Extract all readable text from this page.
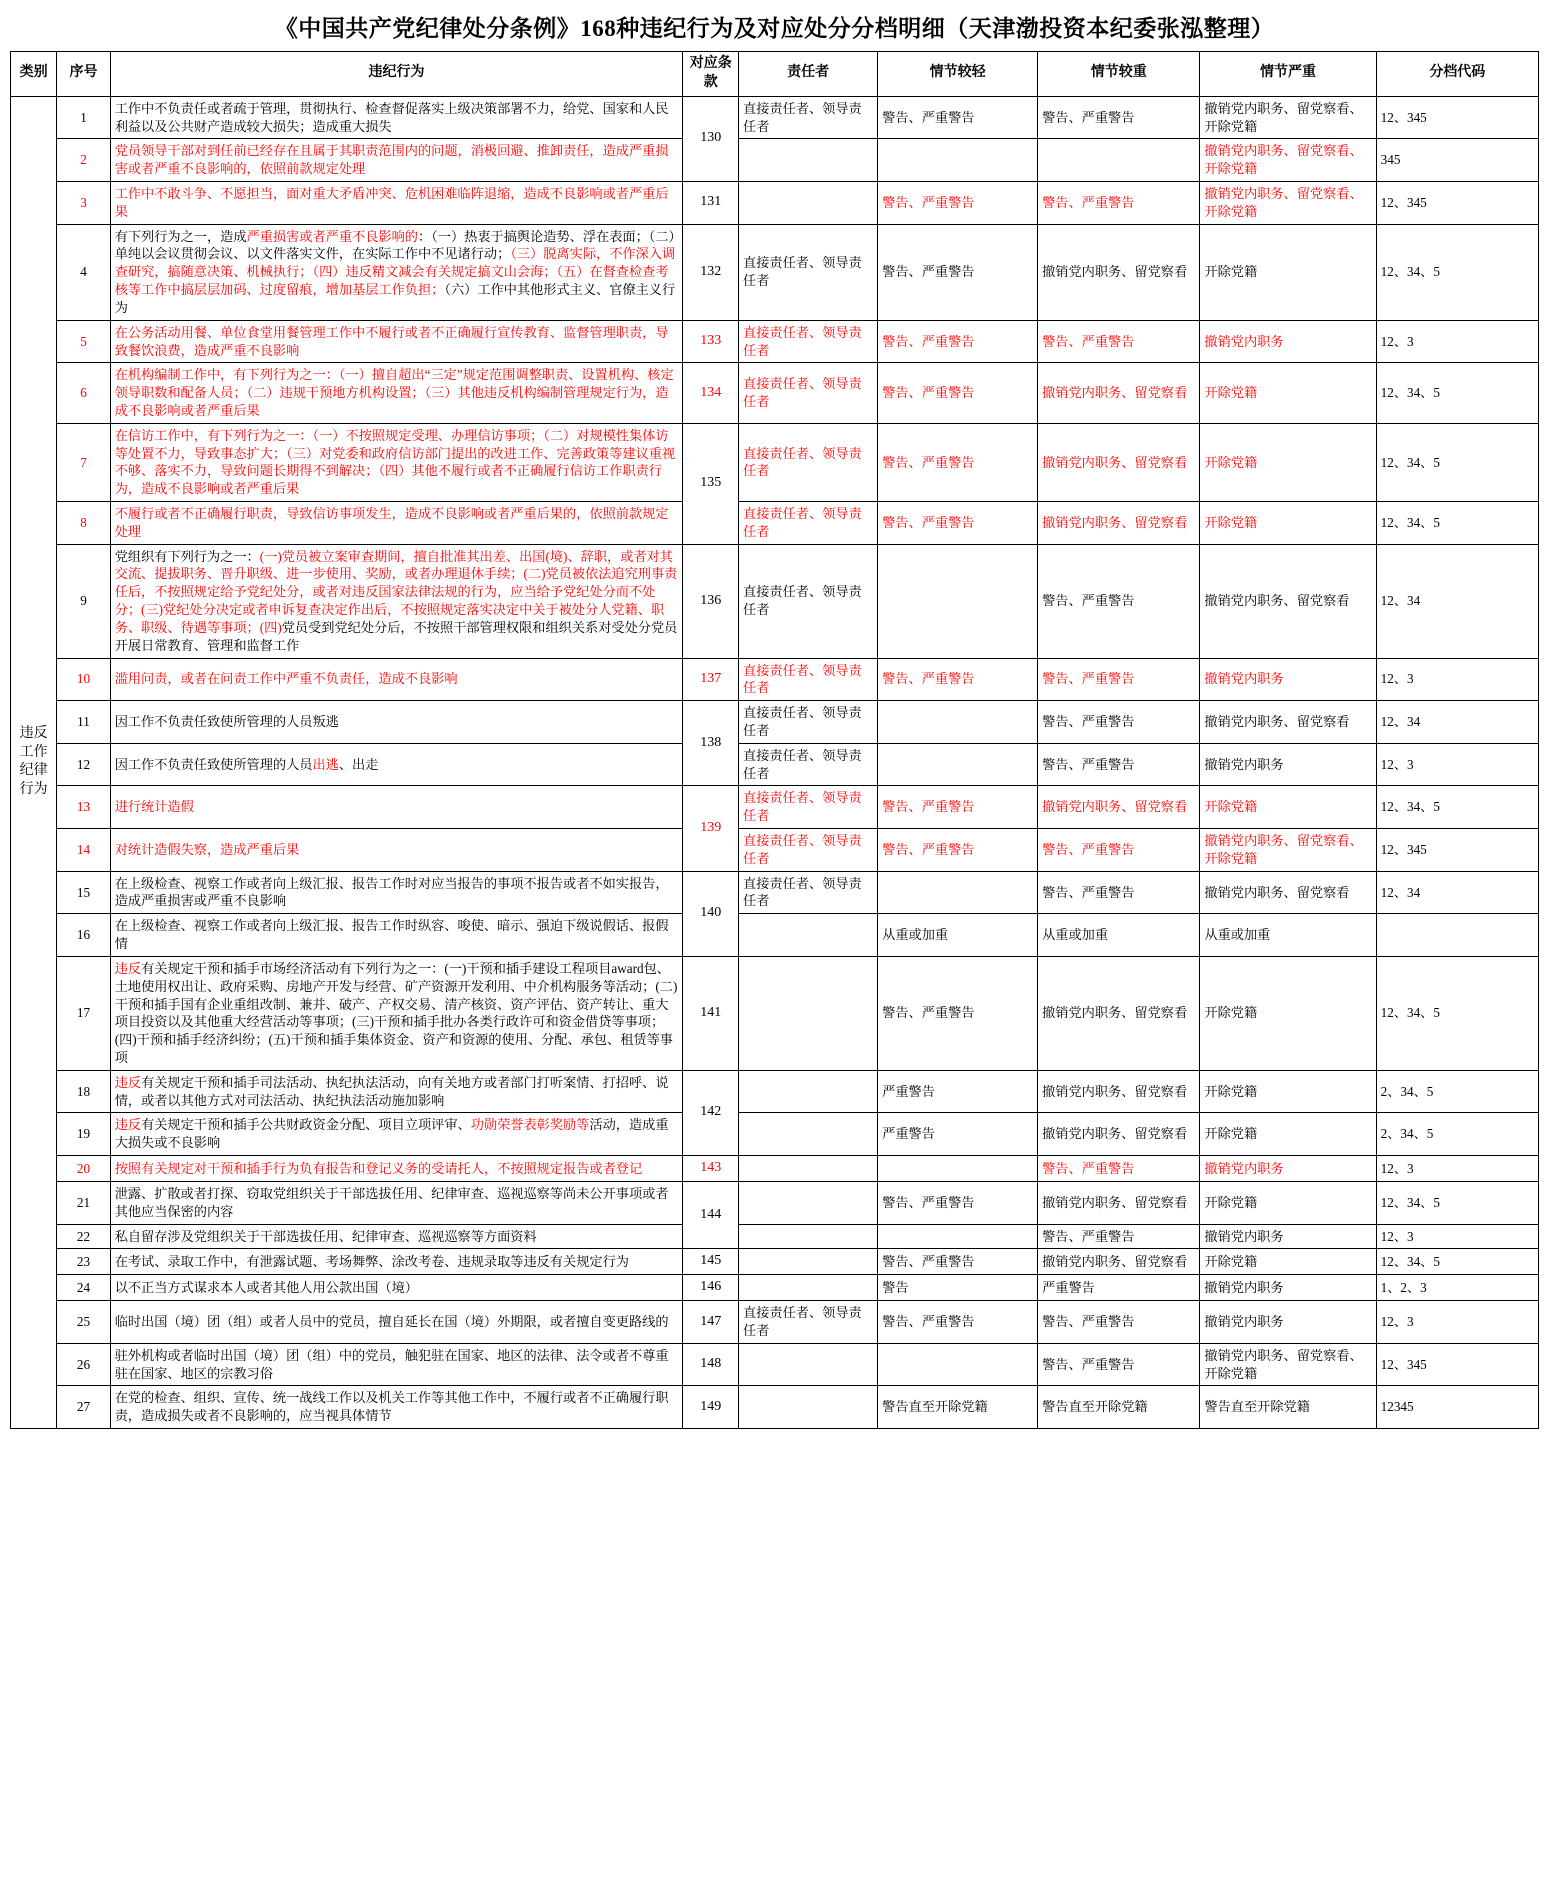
《中国共产党纪律处分条例》168种违纪行为及对应处分分档明细（天津渤投资本纪委张泓整理）
类别	序号	违纪行为	对应条款	责任者	情节较轻	情节较重	情节严重	分档代码
违反工作纪律行为	1	工作中不负责任或者疏于管理，贯彻执行、检查督促落实上级决策部署不力，给党、国家和人民利益以及公共财产造成较大损失；造成重大损失	130	直接责任者、领导责任者	警告、严重警告	警告、严重警告	撤销党内职务、留党察看、开除党籍	12、345
	2	党员领导干部对到任前已经存在且属于其职责范围内的问题，消极回避、推卸责任，造成严重损害或者严重不良影响的，依照前款规定处理					撤销党内职务、留党察看、开除党籍	345
	3	工作中不敢斗争、不愿担当，面对重大矛盾冲突、危机困难临阵退缩，造成不良影响或者严重后果	131		警告、严重警告	警告、严重警告	撤销党内职务、留党察看、开除党籍	12、345
	4	有下列行为之一，造成严重损害或者严重不良影响的：（一）热衷于搞舆论造势、浮在表面；（二）单纯以会议贯彻会议、以文件落实文件，在实际工作中不见诸行动；（三）脱离实际，不作深入调查研究，搞随意决策、机械执行；（四）违反精文减会有关规定搞文山会海；（五）在督查检查考核等工作中搞层层加码、过度留痕，增加基层工作负担；（六）工作中其他形式主义、官僚主义行为	132	直接责任者、领导责任者	警告、严重警告	撤销党内职务、留党察看	开除党籍	12、34、5
	5	在公务活动用餐、单位食堂用餐管理工作中不履行或者不正确履行宣传教育、监督管理职责，导致餐饮浪费，造成严重不良影响	133	直接责任者、领导责任者	警告、严重警告	警告、严重警告	撤销党内职务	12、3
	6	在机构编制工作中，有下列行为之一：（一）擅自超出“三定”规定范围调整职责、设置机构、核定领导职数和配备人员；（二）违规干预地方机构设置；（三）其他违反机构编制管理规定行为，造成不良影响或者严重后果	134	直接责任者、领导责任者	警告、严重警告	撤销党内职务、留党察看	开除党籍	12、34、5
	7	在信访工作中，有下列行为之一：（一）不按照规定受理、办理信访事项；（二）对规模性集体访等处置不力，导致事态扩大；（三）对党委和政府信访部门提出的改进工作、完善政策等建议重视不够、落实不力，导致问题长期得不到解决；（四）其他不履行或者不正确履行信访工作职责行为，造成不良影响或者严重后果	135	直接责任者、领导责任者	警告、严重警告	撤销党内职务、留党察看	开除党籍	12、34、5
	8	不履行或者不正确履行职责，导致信访事项发生，造成不良影响或者严重后果的，依照前款规定处理		直接责任者、领导责任者	警告、严重警告	撤销党内职务、留党察看	开除党籍	12、34、5
	9	党组织有下列行为之一：(一)党员被立案审查期间，擅自批准其出差、出国(境)、辞职，或者对其交流、提拔职务、晋升职级、进一步使用、奖励，或者办理退休手续；(二)党员被依法追究刑事责任后，不按照规定给予党纪处分，或者对违反国家法律法规的行为，应当给予党纪处分而不处分；(三)党纪处分决定或者申诉复查决定作出后，不按照规定落实决定中关于被处分人党籍、职务、职级、待遇等事项；(四)党员受到党纪处分后，不按照干部管理权限和组织关系对受处分党员开展日常教育、管理和监督工作	136	直接责任者、领导责任者		警告、严重警告	撤销党内职务、留党察看	12、34
	10	滥用问责，或者在问责工作中严重不负责任，造成不良影响	137	直接责任者、领导责任者	警告、严重警告	警告、严重警告	撤销党内职务	12、3
	11	因工作不负责任致使所管理的人员叛逃	138	直接责任者、领导责任者		警告、严重警告	撤销党内职务、留党察看	12、34
	12	因工作不负责任致使所管理的人员出逃、出走		直接责任者、领导责任者		警告、严重警告	撤销党内职务	12、3
	13	进行统计造假	139	直接责任者、领导责任者	警告、严重警告	撤销党内职务、留党察看	开除党籍	12、34、5
	14	对统计造假失察，造成严重后果		直接责任者、领导责任者	警告、严重警告	警告、严重警告	撤销党内职务、留党察看、开除党籍	12、345
	15	在上级检查、视察工作或者向上级汇报、报告工作时对应当报告的事项不报告或者不如实报告，造成严重损害或严重不良影响	140	直接责任者、领导责任者		警告、严重警告	撤销党内职务、留党察看	12、34
	16	在上级检查、视察工作或者向上级汇报、报告工作时纵容、唆使、暗示、强迫下级说假话、报假情			从重或加重	从重或加重	从重或加重	
	17	违反有关规定干预和插手市场经济活动有下列行为之一：(一)干预和插手建设工程项目award包、土地使用权出让、政府采购、房地产开发与经营、矿产资源开发利用、中介机构服务等活动；(二)干预和插手国有企业重组改制、兼并、破产、产权交易、清产核资、资产评估、资产转让、重大项目投资以及其他重大经营活动等事项；(三)干预和插手批办各类行政许可和资金借贷等事项；(四)干预和插手经济纠纷；(五)干预和插手集体资金、资产和资源的使用、分配、承包、租赁等事项	141		警告、严重警告	撤销党内职务、留党察看	开除党籍	12、34、5
	18	违反有关规定干预和插手司法活动、执纪执法活动，向有关地方或者部门打听案情、打招呼、说情，或者以其他方式对司法活动、执纪执法活动施加影响	142		严重警告	撤销党内职务、留党察看	开除党籍	2、34、5
	19	违反有关规定干预和插手公共财政资金分配、项目立项评审、功勋荣誉表彰奖励等活动，造成重大损失或不良影响			严重警告	撤销党内职务、留党察看	开除党籍	2、34、5
	20	按照有关规定对干预和插手行为负有报告和登记义务的受请托人，不按照规定报告或者登记	143			警告、严重警告	撤销党内职务	12、3
	21	泄露、扩散或者打探、窃取党组织关于干部选拔任用、纪律审查、巡视巡察等尚未公开事项或者其他应当保密的内容	144		警告、严重警告	撤销党内职务、留党察看	开除党籍	12、34、5
	22	私自留存涉及党组织关于干部选拔任用、纪律审查、巡视巡察等方面资料				警告、严重警告	撤销党内职务	12、3
	23	在考试、录取工作中，有泄露试题、考场舞弊、涂改考卷、违规录取等违反有关规定行为	145		警告、严重警告	撤销党内职务、留党察看	开除党籍	12、34、5
	24	以不正当方式谋求本人或者其他人用公款出国（境）	146		警告	严重警告	撤销党内职务	1、2、3
	25	临时出国（境）团（组）或者人员中的党员，擅自延长在国（境）外期限，或者擅自变更路线的	147	直接责任者、领导责任者	警告、严重警告	警告、严重警告	撤销党内职务	12、3
	26	驻外机构或者临时出国（境）团（组）中的党员，触犯驻在国家、地区的法律、法令或者不尊重驻在国家、地区的宗教习俗	148			警告、严重警告	撤销党内职务、留党察看、开除党籍	12、345
	27	在党的检查、组织、宣传、统一战线工作以及机关工作等其他工作中，不履行或者不正确履行职责，造成损失或者不良影响的，应当视具体情节	149		警告直至开除党籍	警告直至开除党籍	警告直至开除党籍	12345
